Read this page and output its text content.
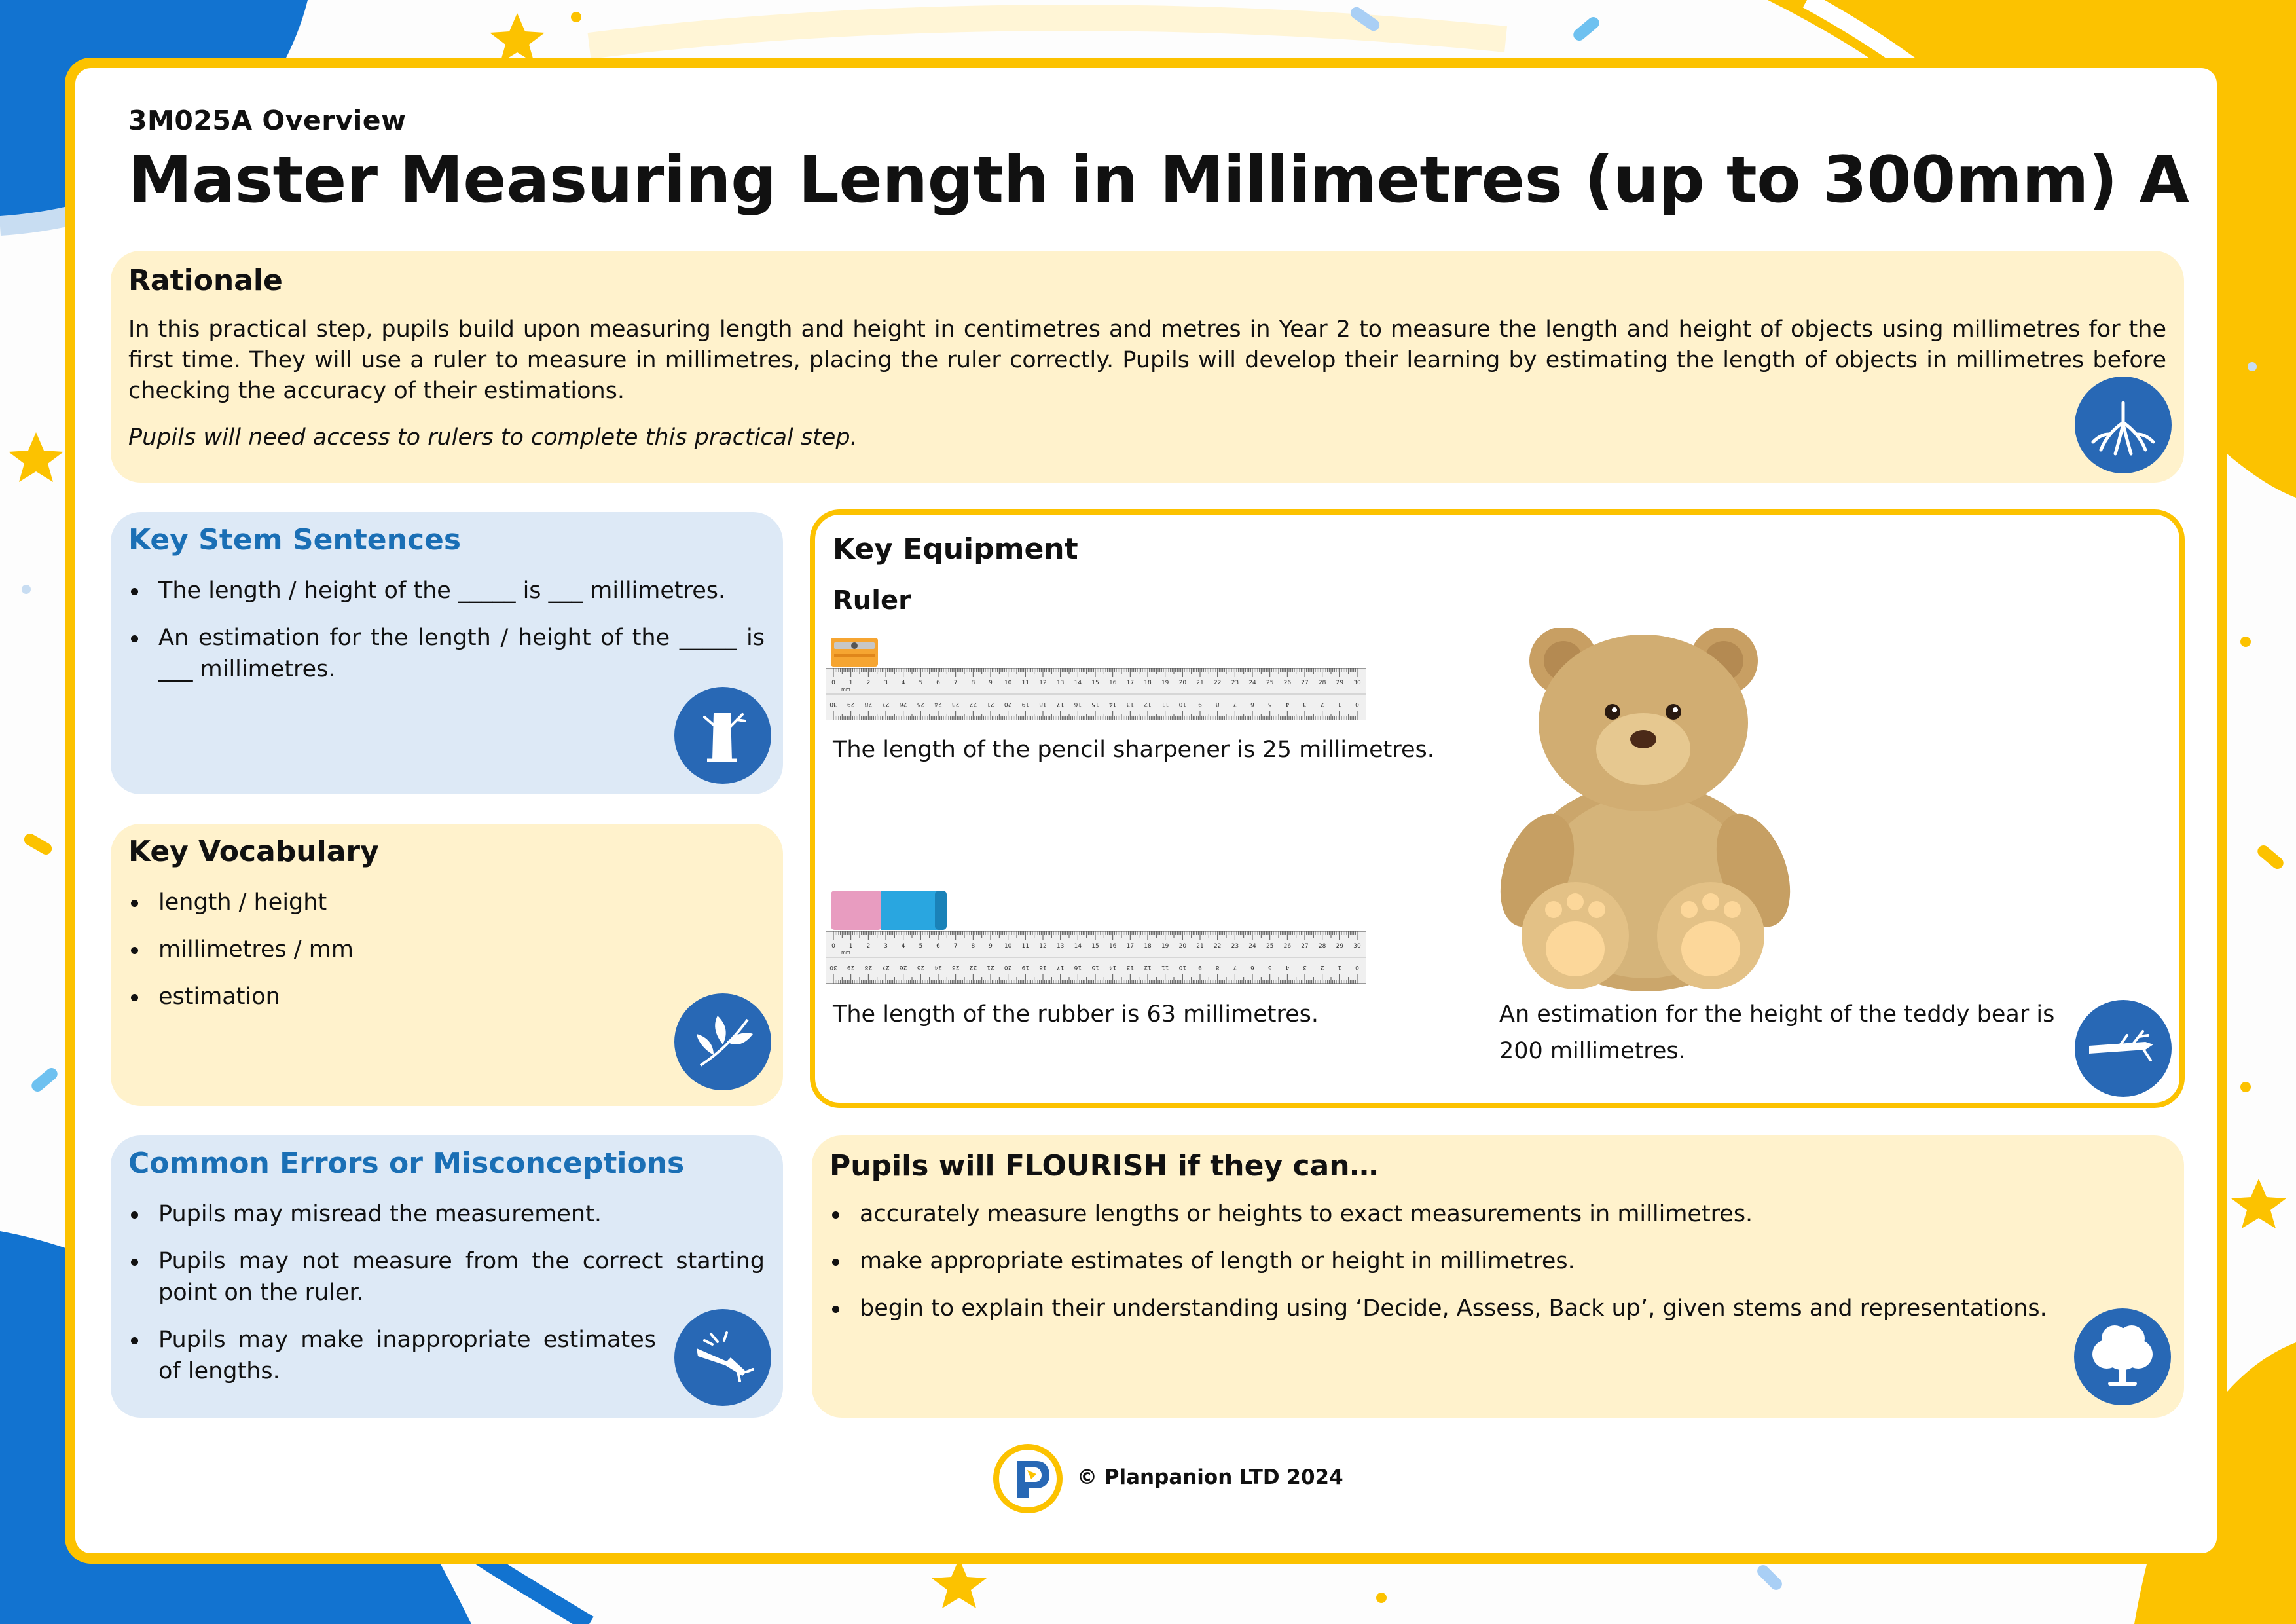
3M025A Overview
Master Measuring Length in Millimetres (up to 300mm) A
Rationale
In this practical step, pupils build upon measuring length and height in centimetres and metres in Year 2 to measure the length and height of objects using millimetres for the first time. They will use a ruler to measure in millimetres, placing the ruler correctly. Pupils will develop their learning by estimating the length of objects in millimetres before checking the accuracy of their estimations.
Pupils will need access to rulers to complete this practical step.
Key Stem Sentences
The length / height of the _____ is ___ millimetres.
An estimation for the length / height of the _____ is ___ millimetres.
Key Vocabulary
length / height
millimetres / mm
estimation
Common Errors or Misconceptions
Pupils may misread the measurement.
Pupils may not measure from the correct starting point on the ruler.
Pupils may make inappropriate estimates of lengths.
Key Equipment
Ruler
0
30
1
29
2
28
3
27
4
26
5
25
6
24
7
23
8
22
9
21
10
20
11
19
12
18
13
17
14
16
15
15
16
14
17
13
18
12
19
11
20
10
21
9
22
8
23
7
24
6
25
5
26
4
27
3
28
2
29
1
30
0
mm
The length of the pencil sharpener is 25 millimetres.
0
30
1
29
2
28
3
27
4
26
5
25
6
24
7
23
8
22
9
21
10
20
11
19
12
18
13
17
14
16
15
15
16
14
17
13
18
12
19
11
20
10
21
9
22
8
23
7
24
6
25
5
26
4
27
3
28
2
29
1
30
0
mm
The length of the rubber is 63 millimetres.	An estimation for the height of the teddy bear is 200 millimetres.
Pupils will FLOURISH if they can…
accurately measure lengths or heights to exact measurements in millimetres.
make appropriate estimates of length or height in millimetres.
begin to explain their understanding using ‘Decide, Assess, Back up’, given stems and representations.
© Planpanion LTD 2024
